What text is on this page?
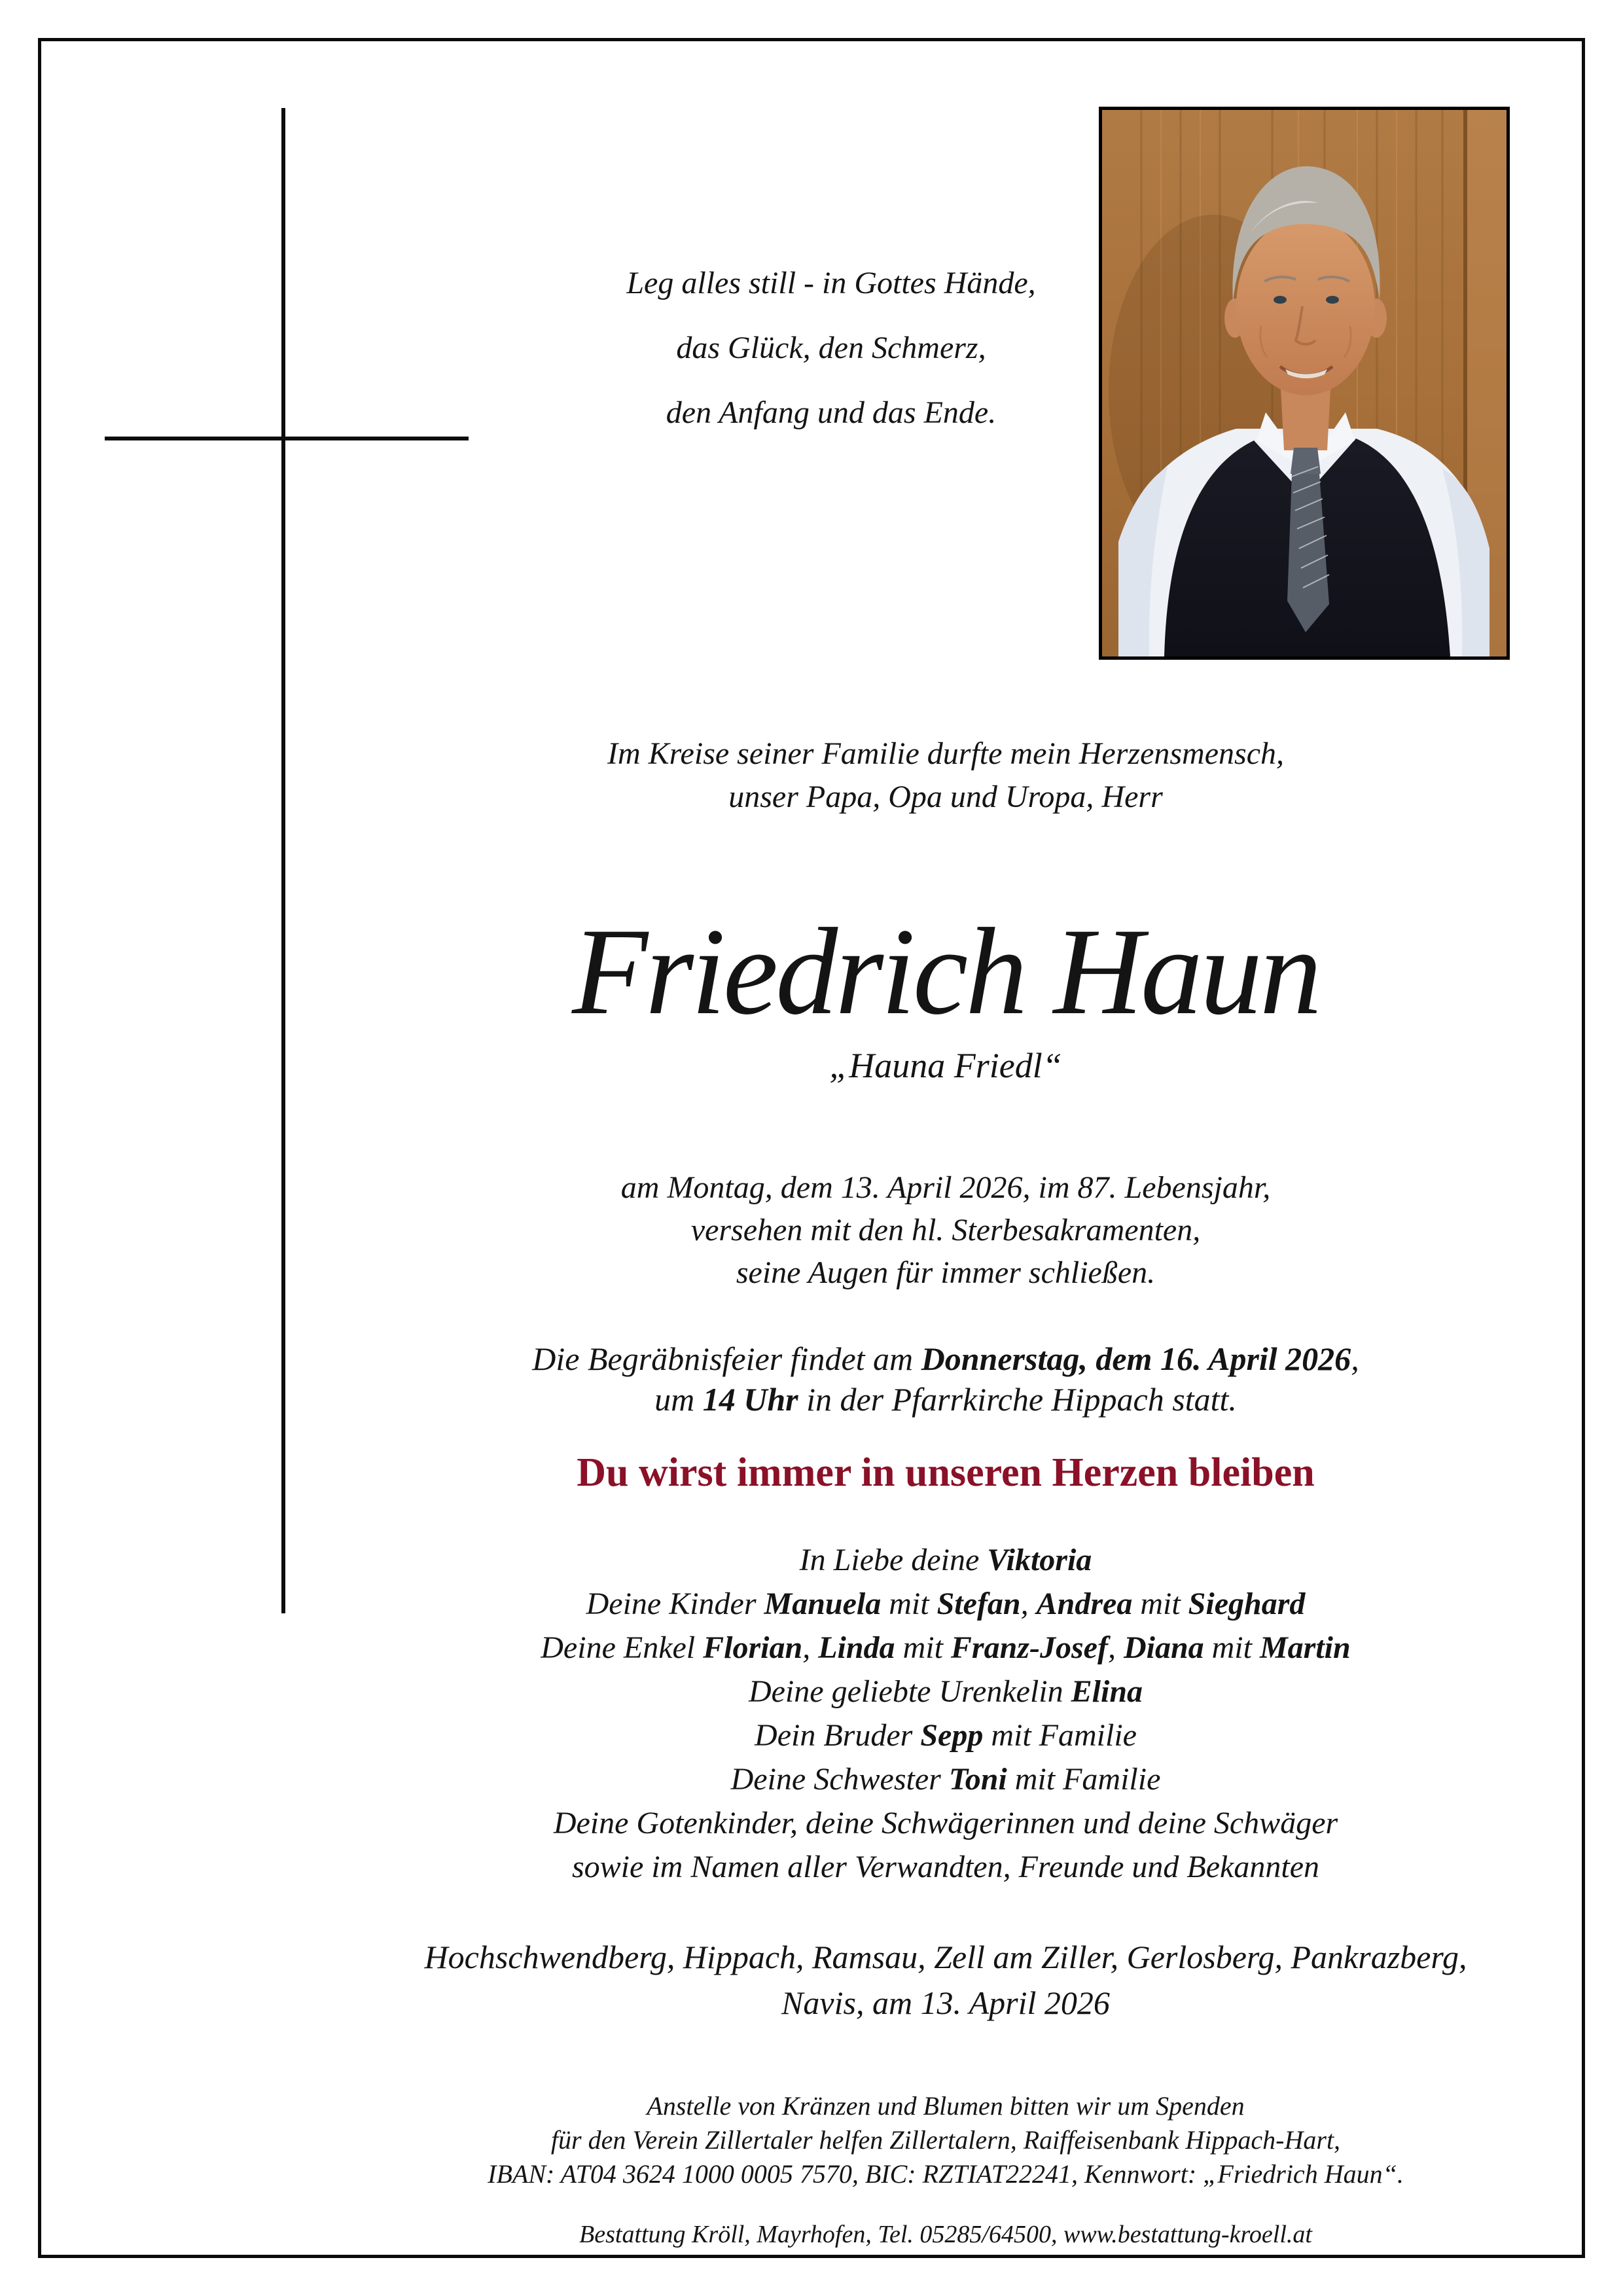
Leg alles still - in Gottes Hände,
das Glück, den Schmerz,
den Anfang und das Ende.
Im Kreise seiner Familie durfte mein Herzensmensch,
unser Papa, Opa und Uropa, Herr
Friedrich Haun
„Hauna Friedl“
am Montag, dem 13. April 2026, im 87. Lebensjahr,
versehen mit den hl. Sterbesakramenten,
seine Augen für immer schließen.
Die Begräbnisfeier findet am Donnerstag, dem 16. April 2026,
um 14 Uhr in der Pfarrkirche Hippach statt.
Du wirst immer in unseren Herzen bleiben
In Liebe deine Viktoria
Deine Kinder Manuela mit Stefan, Andrea mit Sieghard
Deine Enkel Florian, Linda mit Franz-Josef, Diana mit Martin
Deine geliebte Urenkelin Elina
Dein Bruder Sepp mit Familie
Deine Schwester Toni mit Familie
Deine Gotenkinder, deine Schwägerinnen und deine Schwäger
sowie im Namen aller Verwandten, Freunde und Bekannten
Hochschwendberg, Hippach, Ramsau, Zell am Ziller, Gerlosberg, Pankrazberg,
Navis, am 13. April 2026
Anstelle von Kränzen und Blumen bitten wir um Spenden
für den Verein Zillertaler helfen Zillertalern, Raiffeisenbank Hippach-Hart,
IBAN: AT04 3624 1000 0005 7570, BIC: RZTIAT22241, Kennwort: „Friedrich Haun“.
Bestattung Kröll, Mayrhofen, Tel. 05285/64500, www.bestattung-kroell.at
